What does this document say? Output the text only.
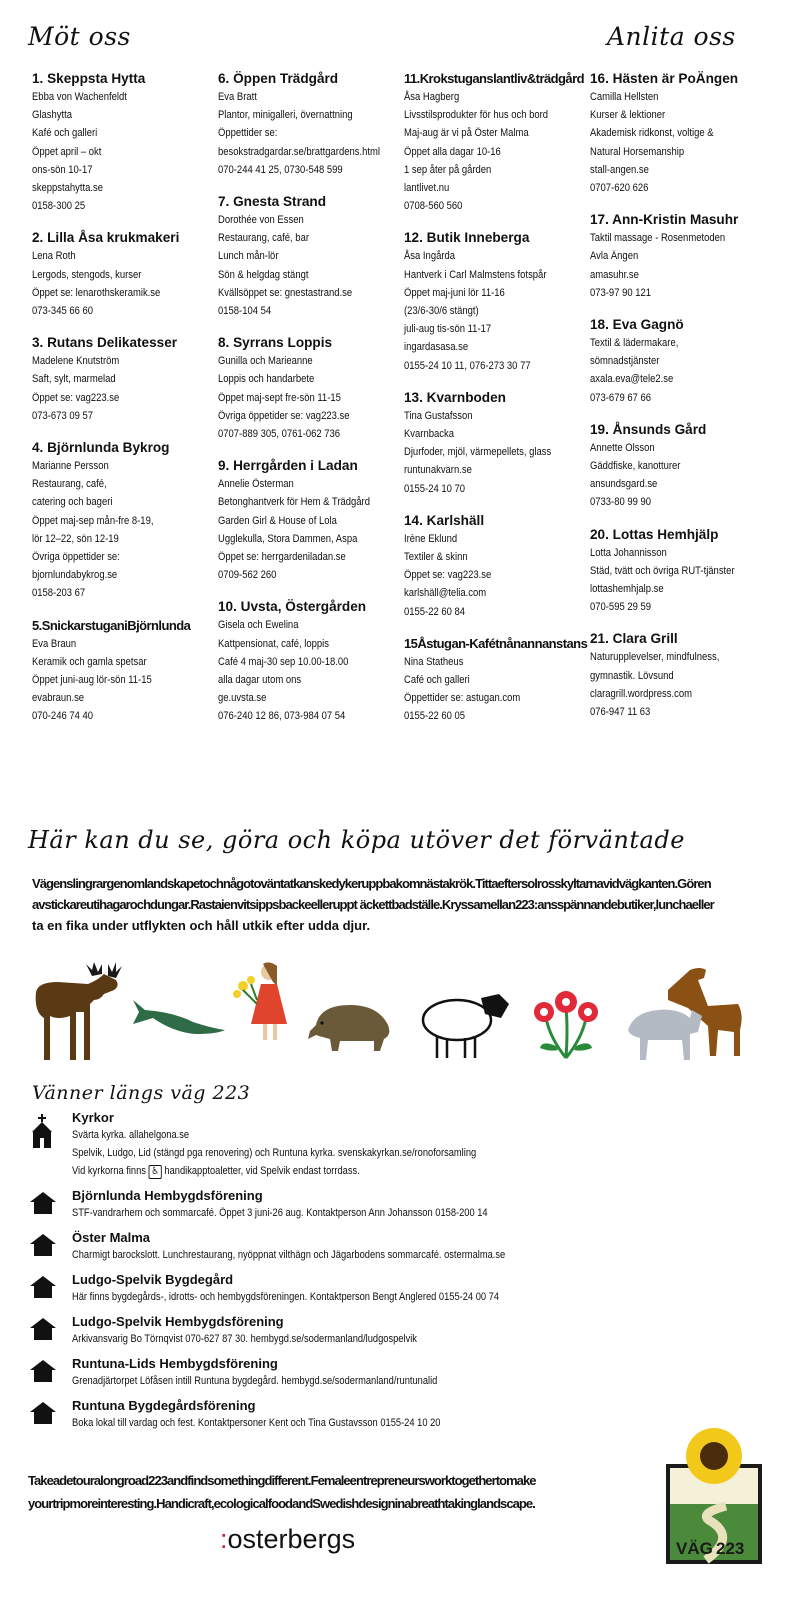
Möt oss	Anlita oss
1. Skeppsta Hytta
Ebba von Wachenfeldt
Glashytta
Kafé och galleri
Öppet april – okt
ons-sön 10-17
skeppstahytta.se
0158-300 25
2. Lilla Åsa krukmakeri
Lena Roth
Lergods, stengods, kurser
Öppet se: lenarothskeramik.se
073-345 66 60
3. Rutans Delikatesser
Madelene Knutström
Saft, sylt, marmelad
Öppet se: vag223.se
073-673 09 57
4. Björnlunda Bykrog
Marianne Persson
Restaurang, café,
catering och bageri
Öppet maj-sep mån-fre 8-19,
lör 12–22, sön 12-19
Övriga öppettider se:
bjornlundabykrog.se
0158-203 67
5.SnickarstuganiBjörnlunda
Eva Braun
Keramik och gamla spetsar
Öppet juni-aug lör-sön 11-15
evabraun.se
070-246 74 40
6. Öppen Trädgård
Eva Bratt
Plantor, minigalleri, övernattning
Öppettider se:
besokstradgardar.se/brattgardens.html
070-244 41 25, 0730-548 599
7. Gnesta Strand
Dorothée von Essen
Restaurang, café, bar
Lunch mån-lör
Sön & helgdag stängt
Kvällsöppet se: gnestastrand.se
0158-104 54
8. Syrrans Loppis
Gunilla och Marieanne
Loppis och handarbete
Öppet maj-sept fre-sön 11-15
Övriga öppetider se: vag223.se
0707-889 305, 0761-062 736
9. Herrgården i Ladan
Annelie Österman
Betonghantverk för Hem & Trädgård
Garden Girl & House of Lola
Ugglekulla, Stora Dammen, Aspa
Öppet se: herrgardeniladan.se
0709-562 260
10. Uvsta, Östergården
Gisela och Ewelina
Kattpensionat, café, loppis
Café 4 maj-30 sep 10.00-18.00
alla dagar utom ons
ge.uvsta.se
076-240 12 86, 073-984 07 54
11.Krokstuganslantliv&trädgård
Åsa Hagberg
Livsstilsprodukter för hus och bord
Maj-aug är vi på Öster Malma
Öppet alla dagar 10-16
1 sep åter på gården
lantlivet.nu
0708-560 560
12. Butik Inneberga
Åsa Ingårda
Hantverk i Carl Malmstens fotspår
Öppet maj-juni lör 11-16
(23/6-30/6 stängt)
juli-aug tis-sön 11-17
ingardasasa.se
0155-24 10 11, 076-273 30 77
13. Kvarnboden
Tina Gustafsson
Kvarnbacka
Djurfoder, mjöl, värmepellets, glass
runtunakvarn.se
0155-24 10 70
14. Karlshäll
Irène Eklund
Textiler & skinn
Öppet se: vag223.se
karlshäll@telia.com
0155-22 60 84
15Åstugan-Kafétnånannanstans
Nina Statheus
Café och galleri
Öppettider se: astugan.com
0155-22 60 05
16. Hästen är PoÄngen
Camilla Hellsten
Kurser & lektioner
Akademisk ridkonst, voltige &
Natural Horsemanship
stall-angen.se
0707-620 626
17. Ann-Kristin Masuhr
Taktil massage - Rosenmetoden
Avla Ängen
amasuhr.se
073-97 90 121
18. Eva Gagnö
Textil & lädermakare,
sömnadstjänster
axala.eva@tele2.se
073-679 67 66
19. Ånsunds Gård
Annette Olsson
Gäddfiske, kanotturer
ansundsgard.se
0733-80 99 90
20. Lottas Hemhjälp
Lotta Johannisson
Städ, tvätt och övriga RUT-tjänster
lottashemhjalp.se
070-595 29 59
21. Clara Grill
Naturupplevelser, mindfulness,
gymnastik. Lövsund
claragrill.wordpress.com
076-947 11 63
Här kan du se, göra och köpa utöver det förväntade
Vägenslingrargenomlandskapetochnågotoväntatkanskedykeruppbakomnästakrök.Tittaeftersolrosskyltarnavidvägkanten.Gören
avstickareutihagarochdungar.Rastaienvitsippsbackeelleruppt äckettbadställe.Kryssamellan223:ansspännandebutiker,lunchaeller
ta en fika under utflykten och håll utkik efter udda djur.
Vänner längs väg 223
Kyrkor
Svärta kyrka. allahelgona.se
Spelvik, Ludgo, Lid (stängd pga renovering) och Runtuna kyrka. svenskakyrkan.se/ronoforsamling
Vid kyrkorna finns ♿ handikapptoaletter, vid Spelvik endast torrdass.
Björnlunda Hembygdsförening
STF-vandrarhem och sommarcafé. Öppet 3 juni-26 aug. Kontaktperson Ann Johansson 0158-200 14
Öster Malma
Charmigt barockslott. Lunchrestaurang, nyöppnat vilthägn och Jägarbodens sommarcafé. ostermalma.se
Ludgo-Spelvik Bygdegård
Här finns bygdegårds-, idrotts- och hembygdsföreningen. Kontaktperson Bengt Anglered 0155-24 00 74
Ludgo-Spelvik Hembygdsförening
Arkivansvarig Bo Törnqvist 070-627 87 30. hembygd.se/sodermanland/ludgospelvik
Runtuna-Lids Hembygdsförening
Grenadjärtorpet Löfåsen intill Runtuna bygdegård. hembygd.se/sodermanland/runtunalid
Runtuna Bygdegårdsförening
Boka lokal till vardag och fest. Kontaktpersoner Kent och Tina Gustavsson 0155-24 10 20
Takeadetouralongroad223andfindsomethingdifferent.Femaleentrepreneursworktogethertomake
yourtripmoreinteresting.Handicraft,ecologicalfoodandSwedishdesigninabreathtakinglandscape.
:osterbergs	VÄG 223
